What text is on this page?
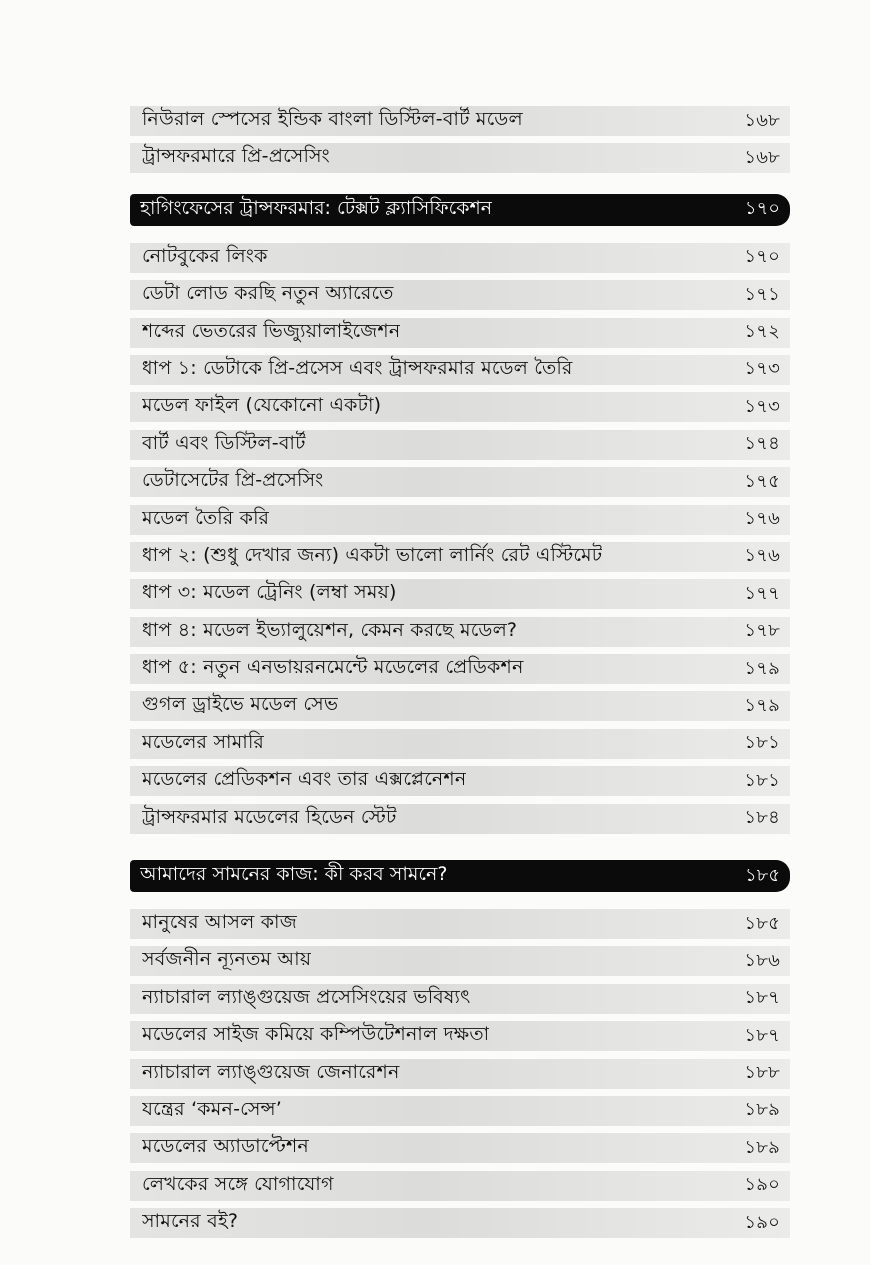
নিউরাল স্পেসের ইন্ডিক বাংলা ডিস্টিল-বার্ট মডেল	১৬৮
ট্রান্সফরমারে প্রি-প্রসেসিং	১৬৮
হাগিংফেসের ট্রান্সফরমার: টেক্সট ক্ল্যাসিফিকেশন	১৭০
নোটবুকের লিংক	১৭০
ডেটা লোড করছি নতুন অ্যারেতে	১৭১
শব্দের ভেতরের ভিজ্যুয়ালাইজেশন	১৭২
ধাপ ১: ডেটাকে প্রি-প্রসেস এবং ট্রান্সফরমার মডেল তৈরি	১৭৩
মডেল ফাইল (যেকোনো একটা)	১৭৩
বার্ট এবং ডিস্টিল-বার্ট	১৭৪
ডেটাসেটের প্রি-প্রসেসিং	১৭৫
মডেল তৈরি করি	১৭৬
ধাপ ২: (শুধু দেখার জন্য) একটা ভালো লার্নিং রেট এস্টিমেট	১৭৬
ধাপ ৩: মডেল ট্রেনিং (লম্বা সময়)	১৭৭
ধাপ ৪: মডেল ইভ্যালুয়েশন, কেমন করছে মডেল?	১৭৮
ধাপ ৫: নতুন এনভায়রনমেন্টে মডেলের প্রেডিকশন	১৭৯
গুগল ড্রাইভে মডেল সেভ	১৭৯
মডেলের সামারি	১৮১
মডেলের প্রেডিকশন এবং তার এক্সপ্লেনেশন	১৮১
ট্রান্সফরমার মডেলের হিডেন স্টেট	১৮৪
আমাদের সামনের কাজ: কী করব সামনে?	১৮৫
মানুষের আসল কাজ	১৮৫
সর্বজনীন ন্যূনতম আয়	১৮৬
ন্যাচারাল ল্যাঙ্গুয়েজ প্রসেসিংয়ের ভবিষ্যৎ	১৮৭
মডেলের সাইজ কমিয়ে কম্পিউটেশনাল দক্ষতা	১৮৭
ন্যাচারাল ল্যাঙ্গুয়েজ জেনারেশন	১৮৮
যন্ত্রের ‘কমন-সেন্স’	১৮৯
মডেলের অ্যাডাপ্টেশন	১৮৯
লেখকের সঙ্গে যোগাযোগ	১৯০
সামনের বই?	১৯০
